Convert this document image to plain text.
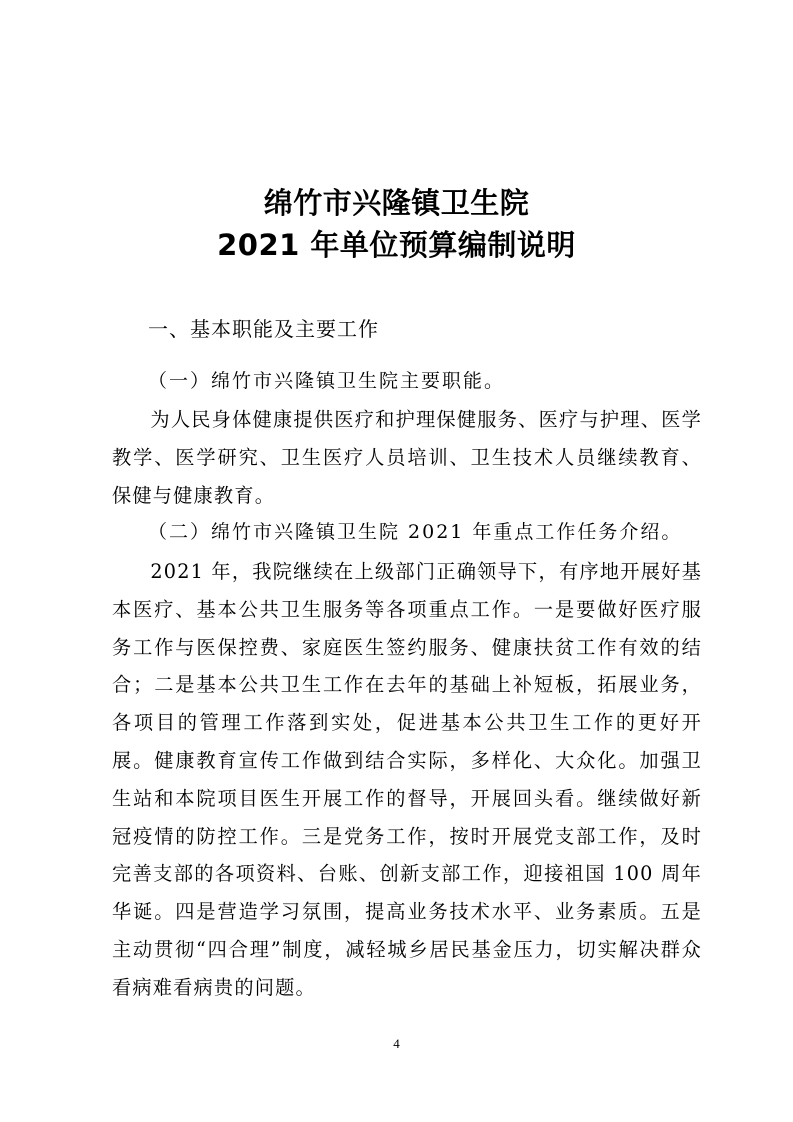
绵竹市兴隆镇卫生院
2021 年单位预算编制说明
一、基本职能及主要工作
（一）绵竹市兴隆镇卫生院主要职能。

为人民身体健康提供医疗和护理保健服务、医疗与护理、医学教学、医学研究、卫生医疗人员培训、卫生技术人员继续教育、保健与健康教育。

（二）绵竹市兴隆镇卫生院 2021 年重点工作任务介绍。

2021 年，我院继续在上级部门正确领导下，有序地开展好基本医疗、基本公共卫生服务等各项重点工作。一是要做好医疗服务工作与医保控费、家庭医生签约服务、健康扶贫工作有效的结合；二是基本公共卫生工作在去年的基础上补短板，拓展业务，各项目的管理工作落到实处，促进基本公共卫生工作的更好开展。健康教育宣传工作做到结合实际，多样化、大众化。加强卫生站和本院项目医生开展工作的督导，开展回头看。继续做好新冠疫情的防控工作。三是党务工作，按时开展党支部工作，及时完善支部的各项资料、台账、创新支部工作，迎接祖国 100 周年华诞。四是营造学习氛围，提高业务技术水平、业务素质。五是主动贯彻“四合理”制度，减轻城乡居民基金压力，切实解决群众看病难看病贵的问题。

4
